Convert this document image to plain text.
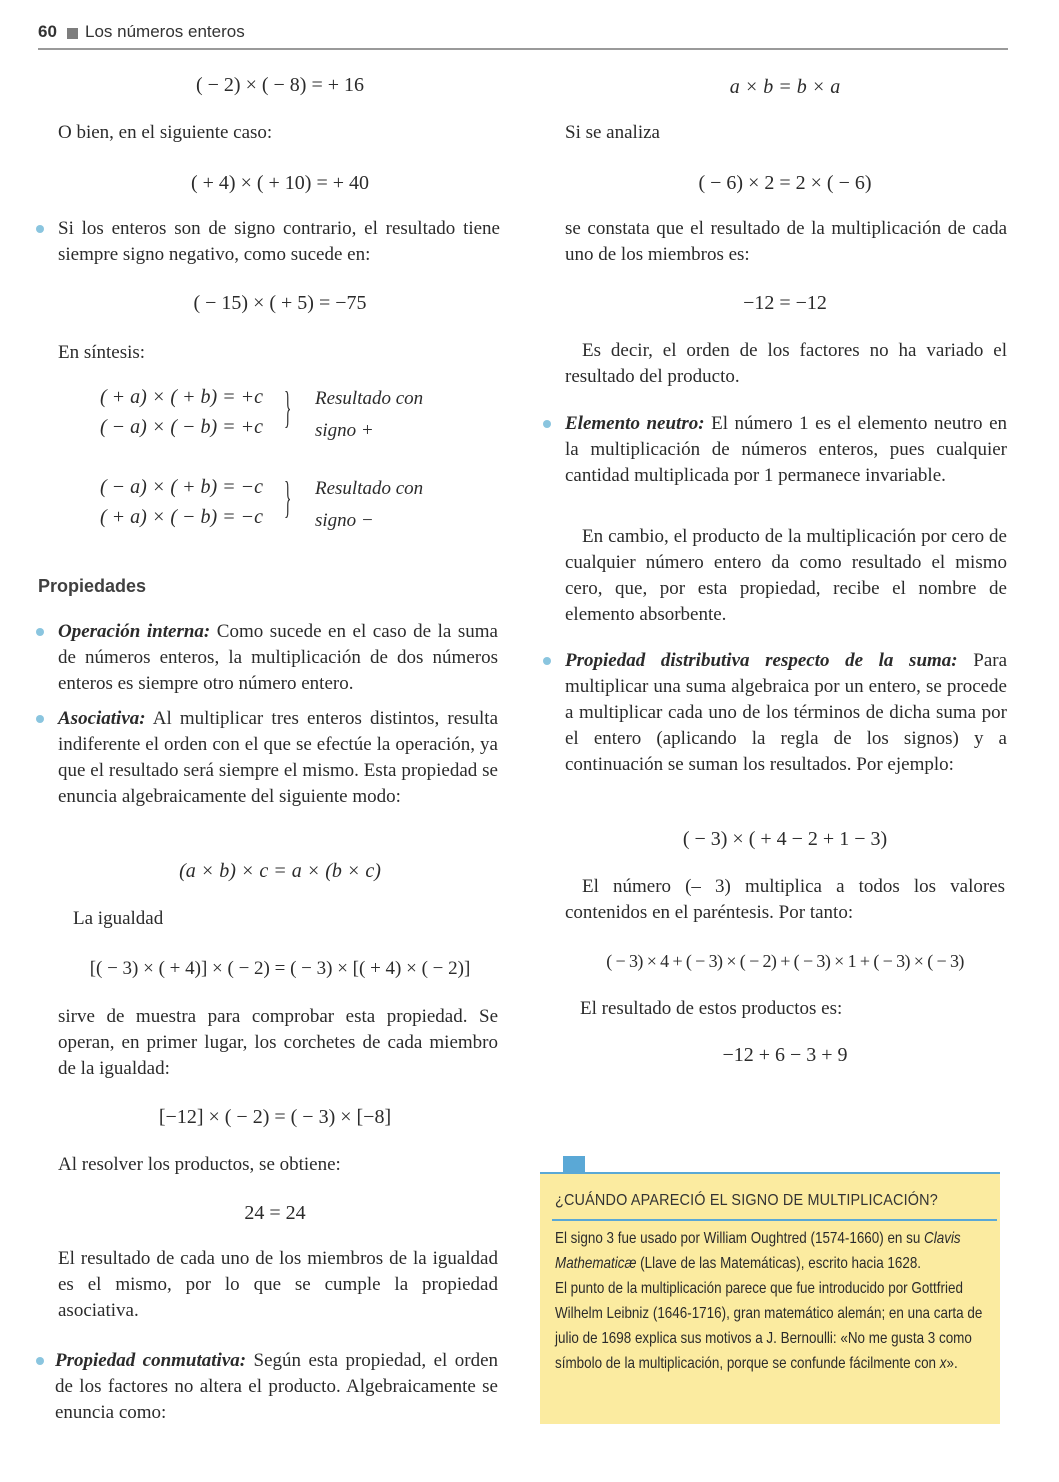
60 Los números enteros
( − 2) × ( − 8) = + 16
O bien, en el siguiente caso:
( + 4) × ( + 10) = + 40
Si los enteros son de signo contrario, el resultado tiene siempre signo negativo, como sucede en:
( − 15) × ( + 5) = −75
En síntesis:
( + a) × ( + b) = +c
( − a) × ( − b) = +c } Resultado con
signo +
( − a) × ( + b) = −c
( + a) × ( − b) = −c } Resultado con
signo −
Propiedades
Operación interna: Como sucede en el caso de la suma de números enteros, la multiplicación de dos números enteros es siempre otro número entero.
Asociativa: Al multiplicar tres enteros distintos, resulta indiferente el orden con el que se efectúe la operación, ya que el resultado será siempre el mismo. Esta propiedad se enuncia algebraicamente del siguiente modo:
(a × b) × c = a × (b × c)
La igualdad
[( − 3) × ( + 4)] × ( − 2) = ( − 3) × [( + 4) × ( − 2)]
sirve de muestra para comprobar esta propiedad. Se operan, en primer lugar, los corchetes de cada miembro de la igualdad:
[−12] × ( − 2) = ( − 3) × [−8]
Al resolver los productos, se obtiene:
24 = 24
El resultado de cada uno de los miembros de la igualdad es el mismo, por lo que se cumple la propiedad asociativa.
Propiedad conmutativa: Según esta propiedad, el orden de los factores no altera el producto. Algebraicamente se enuncia como:
a × b = b × a
Si se analiza
( − 6) × 2 = 2 × ( − 6)
se constata que el resultado de la multiplicación de cada uno de los miembros es:
−12 = −12
Es decir, el orden de los factores no ha variado el resultado del producto.
Elemento neutro: El número 1 es el elemento neutro en la multiplicación de números enteros, pues cualquier cantidad multiplicada por 1 permanece invariable.
En cambio, el producto de la multiplicación por cero de cualquier número entero da como resultado el mismo cero, que, por esta propiedad, recibe el nombre de elemento absorbente.
Propiedad distributiva respecto de la suma: Para multiplicar una suma algebraica por un entero, se procede a multiplicar cada uno de los términos de dicha suma por el entero (aplicando la regla de los signos) y a continuación se suman los resultados. Por ejemplo:
( − 3) × ( + 4 − 2 + 1 − 3)
El número (– 3) multiplica a todos los valores contenidos en el paréntesis. Por tanto:
( − 3) × 4 + ( − 3) × ( − 2) + ( − 3) × 1 + ( − 3) × ( − 3)
El resultado de estos productos es:
−12 + 6 − 3 + 9
¿CUÁNDO APARECIÓ EL SIGNO DE MULTIPLICACIÓN?
El signo 3 fue usado por William Oughtred (1574-1660) en su Clavis Mathematicæ (Llave de las Matemáticas), escrito hacia 1628.
El punto de la multiplicación parece que fue introducido por Gottfried Wilhelm Leibniz (1646-1716), gran matemático alemán; en una carta de julio de 1698 explica sus motivos a J. Bernoulli: «No me gusta 3 como símbolo de la multiplicación, porque se confunde fácilmente con x».
